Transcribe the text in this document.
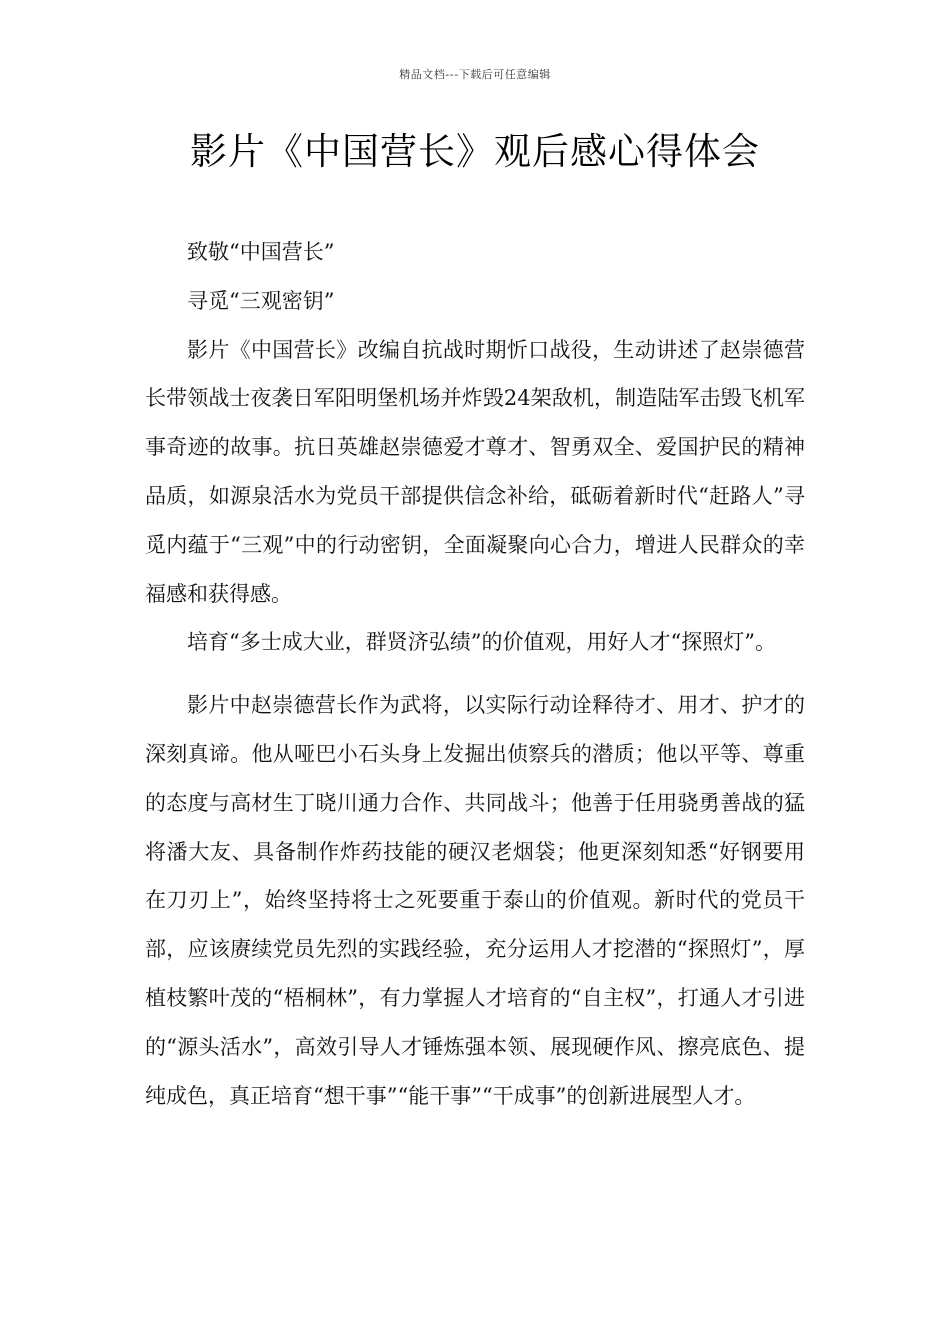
精品文档---下载后可任意编辑
影片《中国营长》观后感心得体会

致敬“中国营长”

寻觅“三观密钥”

影片《中国营长》改编自抗战时期忻口战役，生动讲述了赵崇德营长带领战士夜袭日军阳明堡机场并炸毁24架敌机，制造陆军击毁飞机军事奇迹的故事。抗日英雄赵崇德爱才尊才、智勇双全、爱国护民的精神品质，如源泉活水为党员干部提供信念补给，砥砺着新时代“赶路人”寻觅内蕴于“三观”中的行动密钥，全面凝聚向心合力，增进人民群众的幸福感和获得感。

培育“多士成大业，群贤济弘绩”的价值观，用好人才“探照灯”。

影片中赵崇德营长作为武将，以实际行动诠释待才、用才、护才的深刻真谛。他从哑巴小石头身上发掘出侦察兵的潜质；他以平等、尊重的态度与高材生丁晓川通力合作、共同战斗；他善于任用骁勇善战的猛将潘大友、具备制作炸药技能的硬汉老烟袋；他更深刻知悉“好钢要用在刀刃上”，始终坚持将士之死要重于泰山的价值观。新时代的党员干部，应该赓续党员先烈的实践经验，充分运用人才挖潜的“探照灯”，厚植枝繁叶茂的“梧桐林”，有力掌握人才培育的“自主权”，打通人才引进的“源头活水”，高效引导人才锤炼强本领、展现硬作风、擦亮底色、提纯成色，真正培育“想干事”“能干事”“干成事”的创新进展型人才。
